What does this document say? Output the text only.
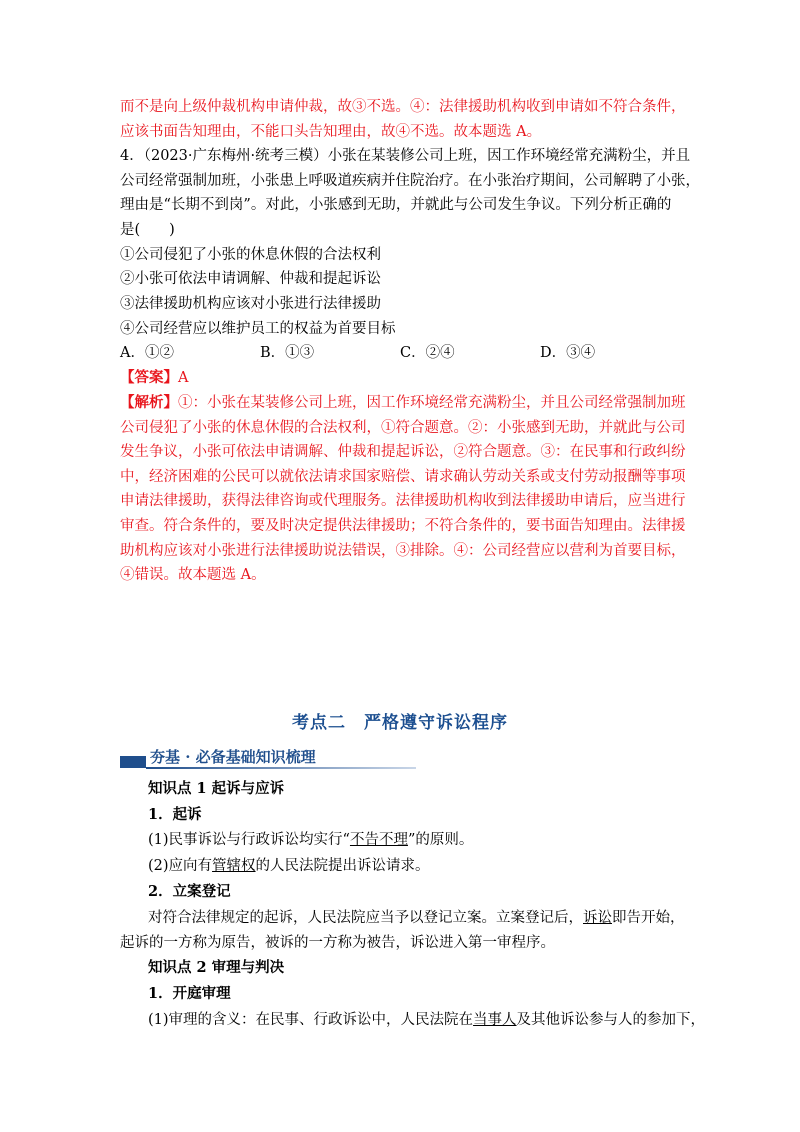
而不是向上级仲裁机构申请仲裁，故③不选。④：法律援助机构收到申请如不符合条件，
应该书面告知理由，不能口头告知理由，故④不选。故本题选 A。
4．（2023·广东梅州·统考三模）小张在某装修公司上班，因工作环境经常充满粉尘，并且
公司经常强制加班，小张患上呼吸道疾病并住院治疗。在小张治疗期间，公司解聘了小张，
理由是“长期不到岗”。对此，小张感到无助，并就此与公司发生争议。下列分析正确的
是(　　)
①公司侵犯了小张的休息休假的合法权利
②小张可依法申请调解、仲裁和提起诉讼
③法律援助机构应该对小张进行法律援助
④公司经营应以维护员工的权益为首要目标
A．①②	B．①③	C．②④	D．③④
【答案】A
【解析】①：小张在某装修公司上班，因工作环境经常充满粉尘，并且公司经常强制加班
公司侵犯了小张的休息休假的合法权利，①符合题意。②：小张感到无助，并就此与公司
发生争议，小张可依法申请调解、仲裁和提起诉讼，②符合题意。③：在民事和行政纠纷
中，经济困难的公民可以就依法请求国家赔偿、请求确认劳动关系或支付劳动报酬等事项
申请法律援助，获得法律咨询或代理服务。法律援助机构收到法律援助申请后，应当进行
审查。符合条件的，要及时决定提供法律援助；不符合条件的，要书面告知理由。法律援
助机构应该对小张进行法律援助说法错误，③排除。④：公司经营应以营利为首要目标，
④错误。故本题选 A。
考点二　严格遵守诉讼程序
夯基 · 必备基础知识梳理
知识点 1 起诉与应诉
1．起诉
(1)民事诉讼与行政诉讼均实行“不告不理”的原则。
(2)应向有管辖权的人民法院提出诉讼请求。
2．立案登记
对符合法律规定的起诉，人民法院应当予以登记立案。立案登记后，诉讼即告开始，
起诉的一方称为原告，被诉的一方称为被告，诉讼进入第一审程序。
知识点 2 审理与判决
1．开庭审理
(1)审理的含义：在民事、行政诉讼中，人民法院在当事人及其他诉讼参与人的参加下，
